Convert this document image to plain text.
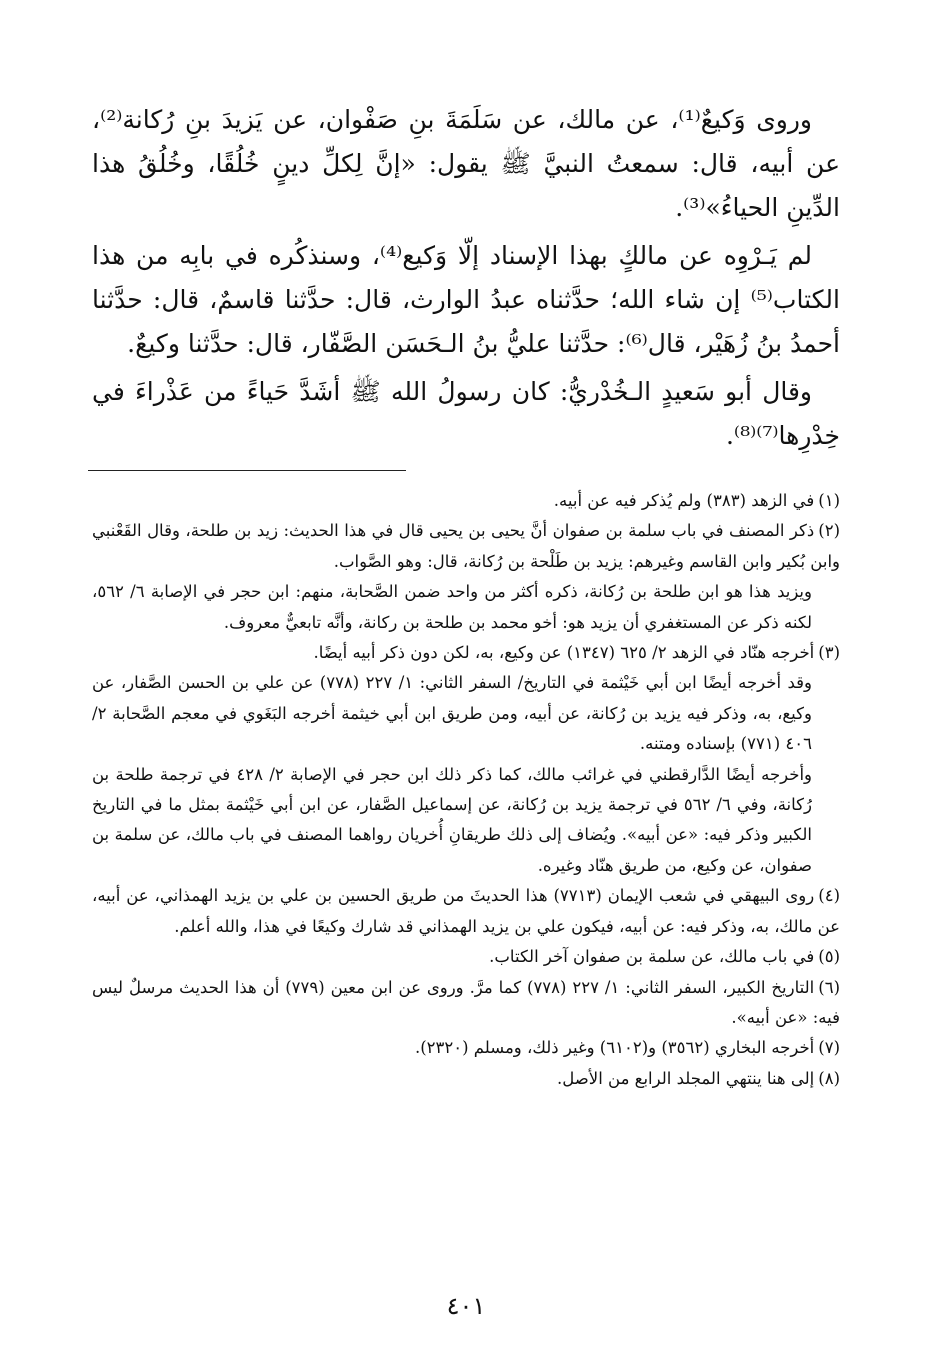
وروى وَكيعٌ⁽¹⁾، عن مالك، عن سَلَمَةَ بنِ صَفْوان، عن يَزيدَ بنِ رُكانة⁽²⁾، عن أبيه، قال: سمعتُ النبيَّ ﷺ يقول: «إنَّ لِكلِّ دينٍ خُلُقًا، وخُلُقُ هذا الدِّينِ الحياءُ»⁽³⁾.

لم يَـرْوِه عن مالكٍ بهذا الإسناد إلّا وَكيع⁽⁴⁾، وسنذكُره في بابِه من هذا الكتاب⁽⁵⁾ إن شاء الله؛ حدَّثناه عبدُ الوارث، قال: حدَّثنا قاسمٌ، قال: حدَّثنا أحمدُ بنُ زُهَيْر، قال⁽⁶⁾: حدَّثنا عليُّ بنُ الـحَسَن الصَّفّار، قال: حدَّثنا وكيعٌ.

وقال أبو سَعيدٍ الـخُدْريُّ: كان رسولُ الله ﷺ أشَدَّ حَياءً من عَذْراءَ في خِدْرِها⁽⁷⁾⁽⁸⁾.

(١)في الزهد (٣٨٣) ولم يُذكر فيه عن أبيه.

(٢)ذكر المصنف في باب سلمة بن صفوان أنَّ يحيى بن يحيى قال في هذا الحديث: زيد بن طلحة، وقال القَعْنبي وابن بُكير وابن القاسم وغيرهم: يزيد بن طَلْحة بن رُكانة، قال: وهو الصَّواب.

ويزيد هذا هو ابن طلحة بن رُكانة، ذكره أكثر من واحد ضمن الصَّحابة، منهم: ابن حجر في الإصابة ٦/ ٥٦٢، لكنه ذكر عن المستغفري أن يزيد هو: أخو محمد بن طلحة بن ركانة، وأنَّه تابعيٌّ معروف.

(٣)أخرجه هنّاد في الزهد ٢/ ٦٢٥ (١٣٤٧) عن وكيع، به، لكن دون ذكر أبيه أيضًا.

وقد أخرجه أيضًا ابن أبي خَيْثمة في التاريخ/ السفر الثاني: ١/ ٢٢٧ (٧٧٨) عن علي بن الحسن الصَّفار، عن وكيع، به، وذكر فيه يزيد بن رُكانة، عن أبيه، ومن طريق ابن أبي خيثمة أخرجه البَغَوي في معجم الصَّحابة ٢/ ٤٠٦ (٧٧١) بإسناده ومتنه.

وأخرجه أيضًا الدَّارقطني في غرائب مالك، كما ذكر ذلك ابن حجر في الإصابة ٢/ ٤٢٨ في ترجمة طلحة بن رُكانة، وفي ٦/ ٥٦٢ في ترجمة يزيد بن رُكانة، عن إسماعيل الصَّفار، عن ابن أبي خَيْثمة بمثل ما في التاريخ الكبير وذكر فيه: «عن أبيه». ويُضاف إلى ذلك طريقانِ أُخريان رواهما المصنف في باب مالك، عن سلمة بن صفوان، عن وكيع، من طريق هنّاد وغيره.

(٤)روى البيهقي في شعب الإيمان (٧٧١٣) هذا الحديثَ من طريق الحسين بن علي بن يزيد الهمذاني، عن أبيه، عن مالك، به، وذكر فيه: عن أبيه، فيكون علي بن يزيد الهمذاني قد شارك وكيعًا في هذا، والله أعلم.

(٥)في باب مالك، عن سلمة بن صفوان آخر الكتاب.

(٦)التاريخ الكبير، السفر الثاني: ١/ ٢٢٧ (٧٧٨) كما مرَّ. وروى عن ابن معين (٧٧٩) أن هذا الحديث مرسلٌ ليس فيه: «عن أبيه».

(٧)أخرجه البخاري (٣٥٦٢) و(٦١٠٢) وغير ذلك، ومسلم (٢٣٢٠).

(٨)إلى هنا ينتهي المجلد الرابع من الأصل.

٤٠١
